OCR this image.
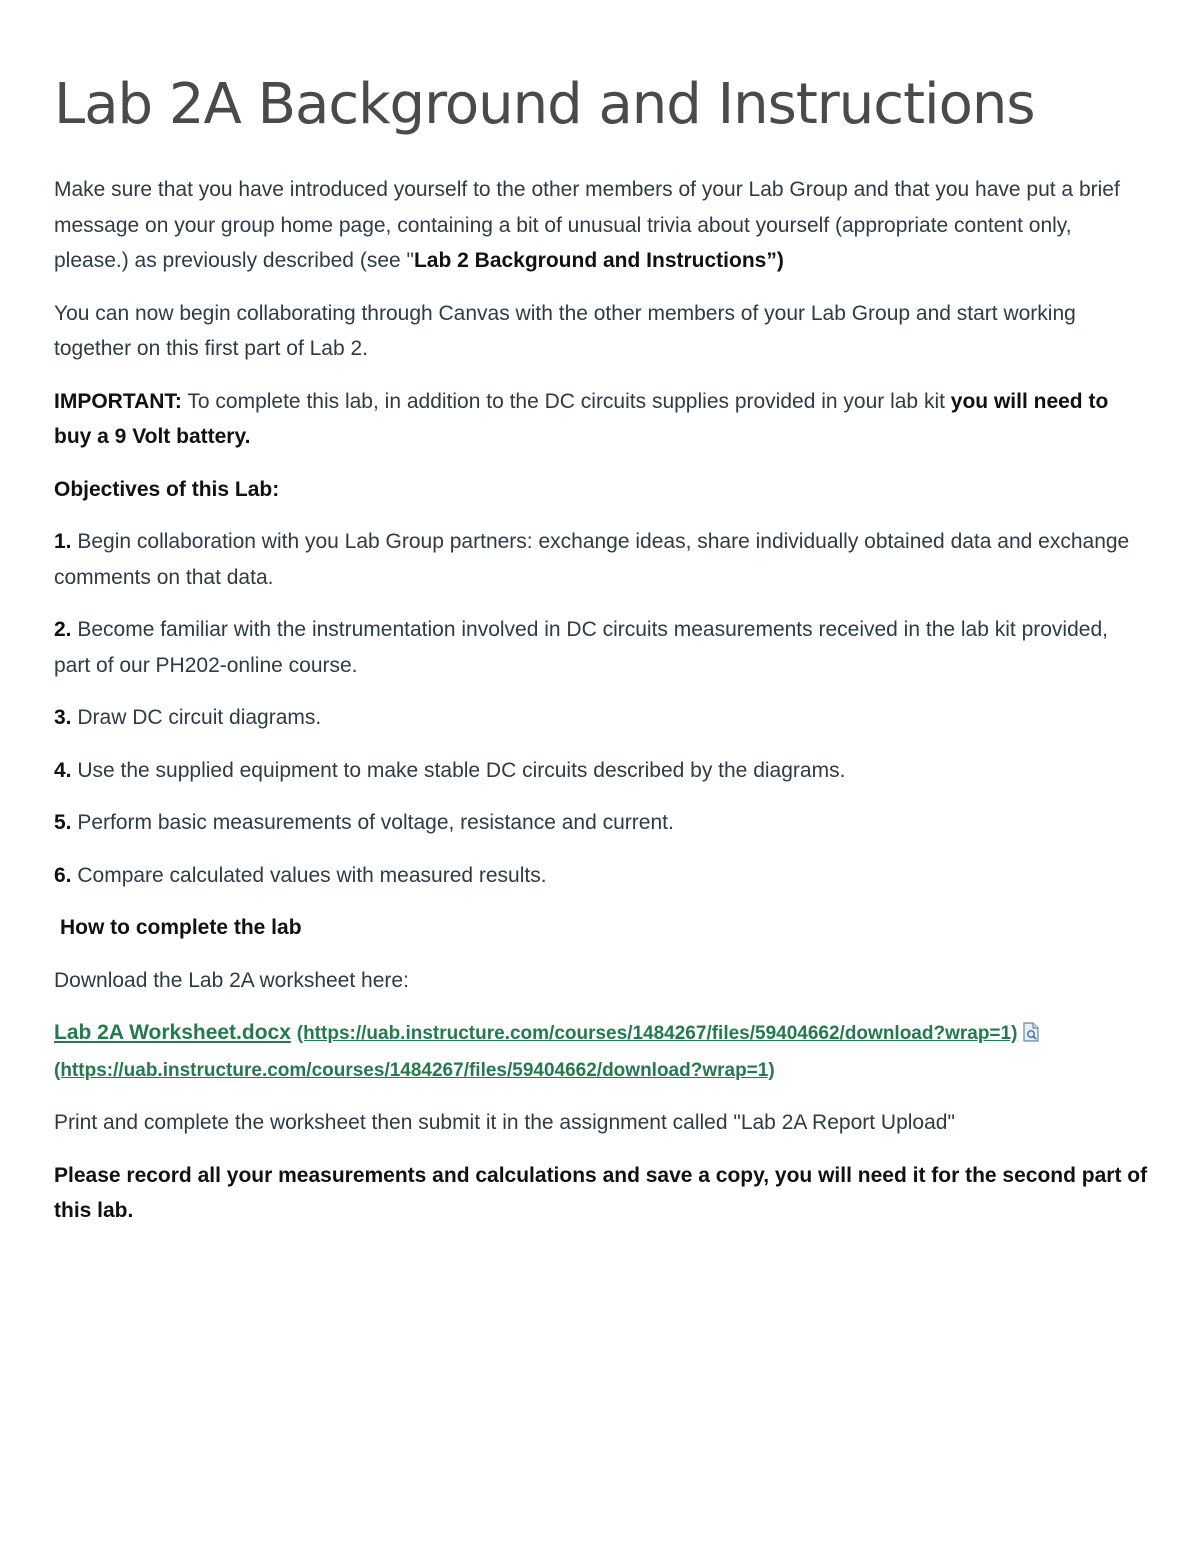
Lab 2A Background and Instructions

Make sure that you have introduced yourself to the other members of your Lab Group and that you have put a brief message on your group home page, containing a bit of unusual trivia about yourself (appropriate content only, please.) as previously described (see "Lab 2 Background and Instructions”)

You can now begin collaborating through Canvas with the other members of your Lab Group and start working together on this first part of Lab 2.

IMPORTANT: To complete this lab, in addition to the DC circuits supplies provided in your lab kit you will need to buy a 9 Volt battery.

Objectives of this Lab:

1. Begin collaboration with you Lab Group partners: exchange ideas, share individually obtained data and exchange comments on that data.

2. Become familiar with the instrumentation involved in DC circuits measurements received in the lab kit provided, part of our PH202-online course.

3. Draw DC circuit diagrams.

4. Use the supplied equipment to make stable DC circuits described by the diagrams.

5. Perform basic measurements of voltage, resistance and current.

6. Compare calculated values with measured results.

How to complete the lab

Download the Lab 2A worksheet here:

Lab 2A Worksheet.docx (https://uab.instructure.com/courses/1484267/files/59404662/download?wrap=1)
(https://uab.instructure.com/courses/1484267/files/59404662/download?wrap=1)

Print and complete the worksheet then submit it in the assignment called "Lab 2A Report Upload"

Please record all your measurements and calculations and save a copy, you will need it for the second part of this lab.
